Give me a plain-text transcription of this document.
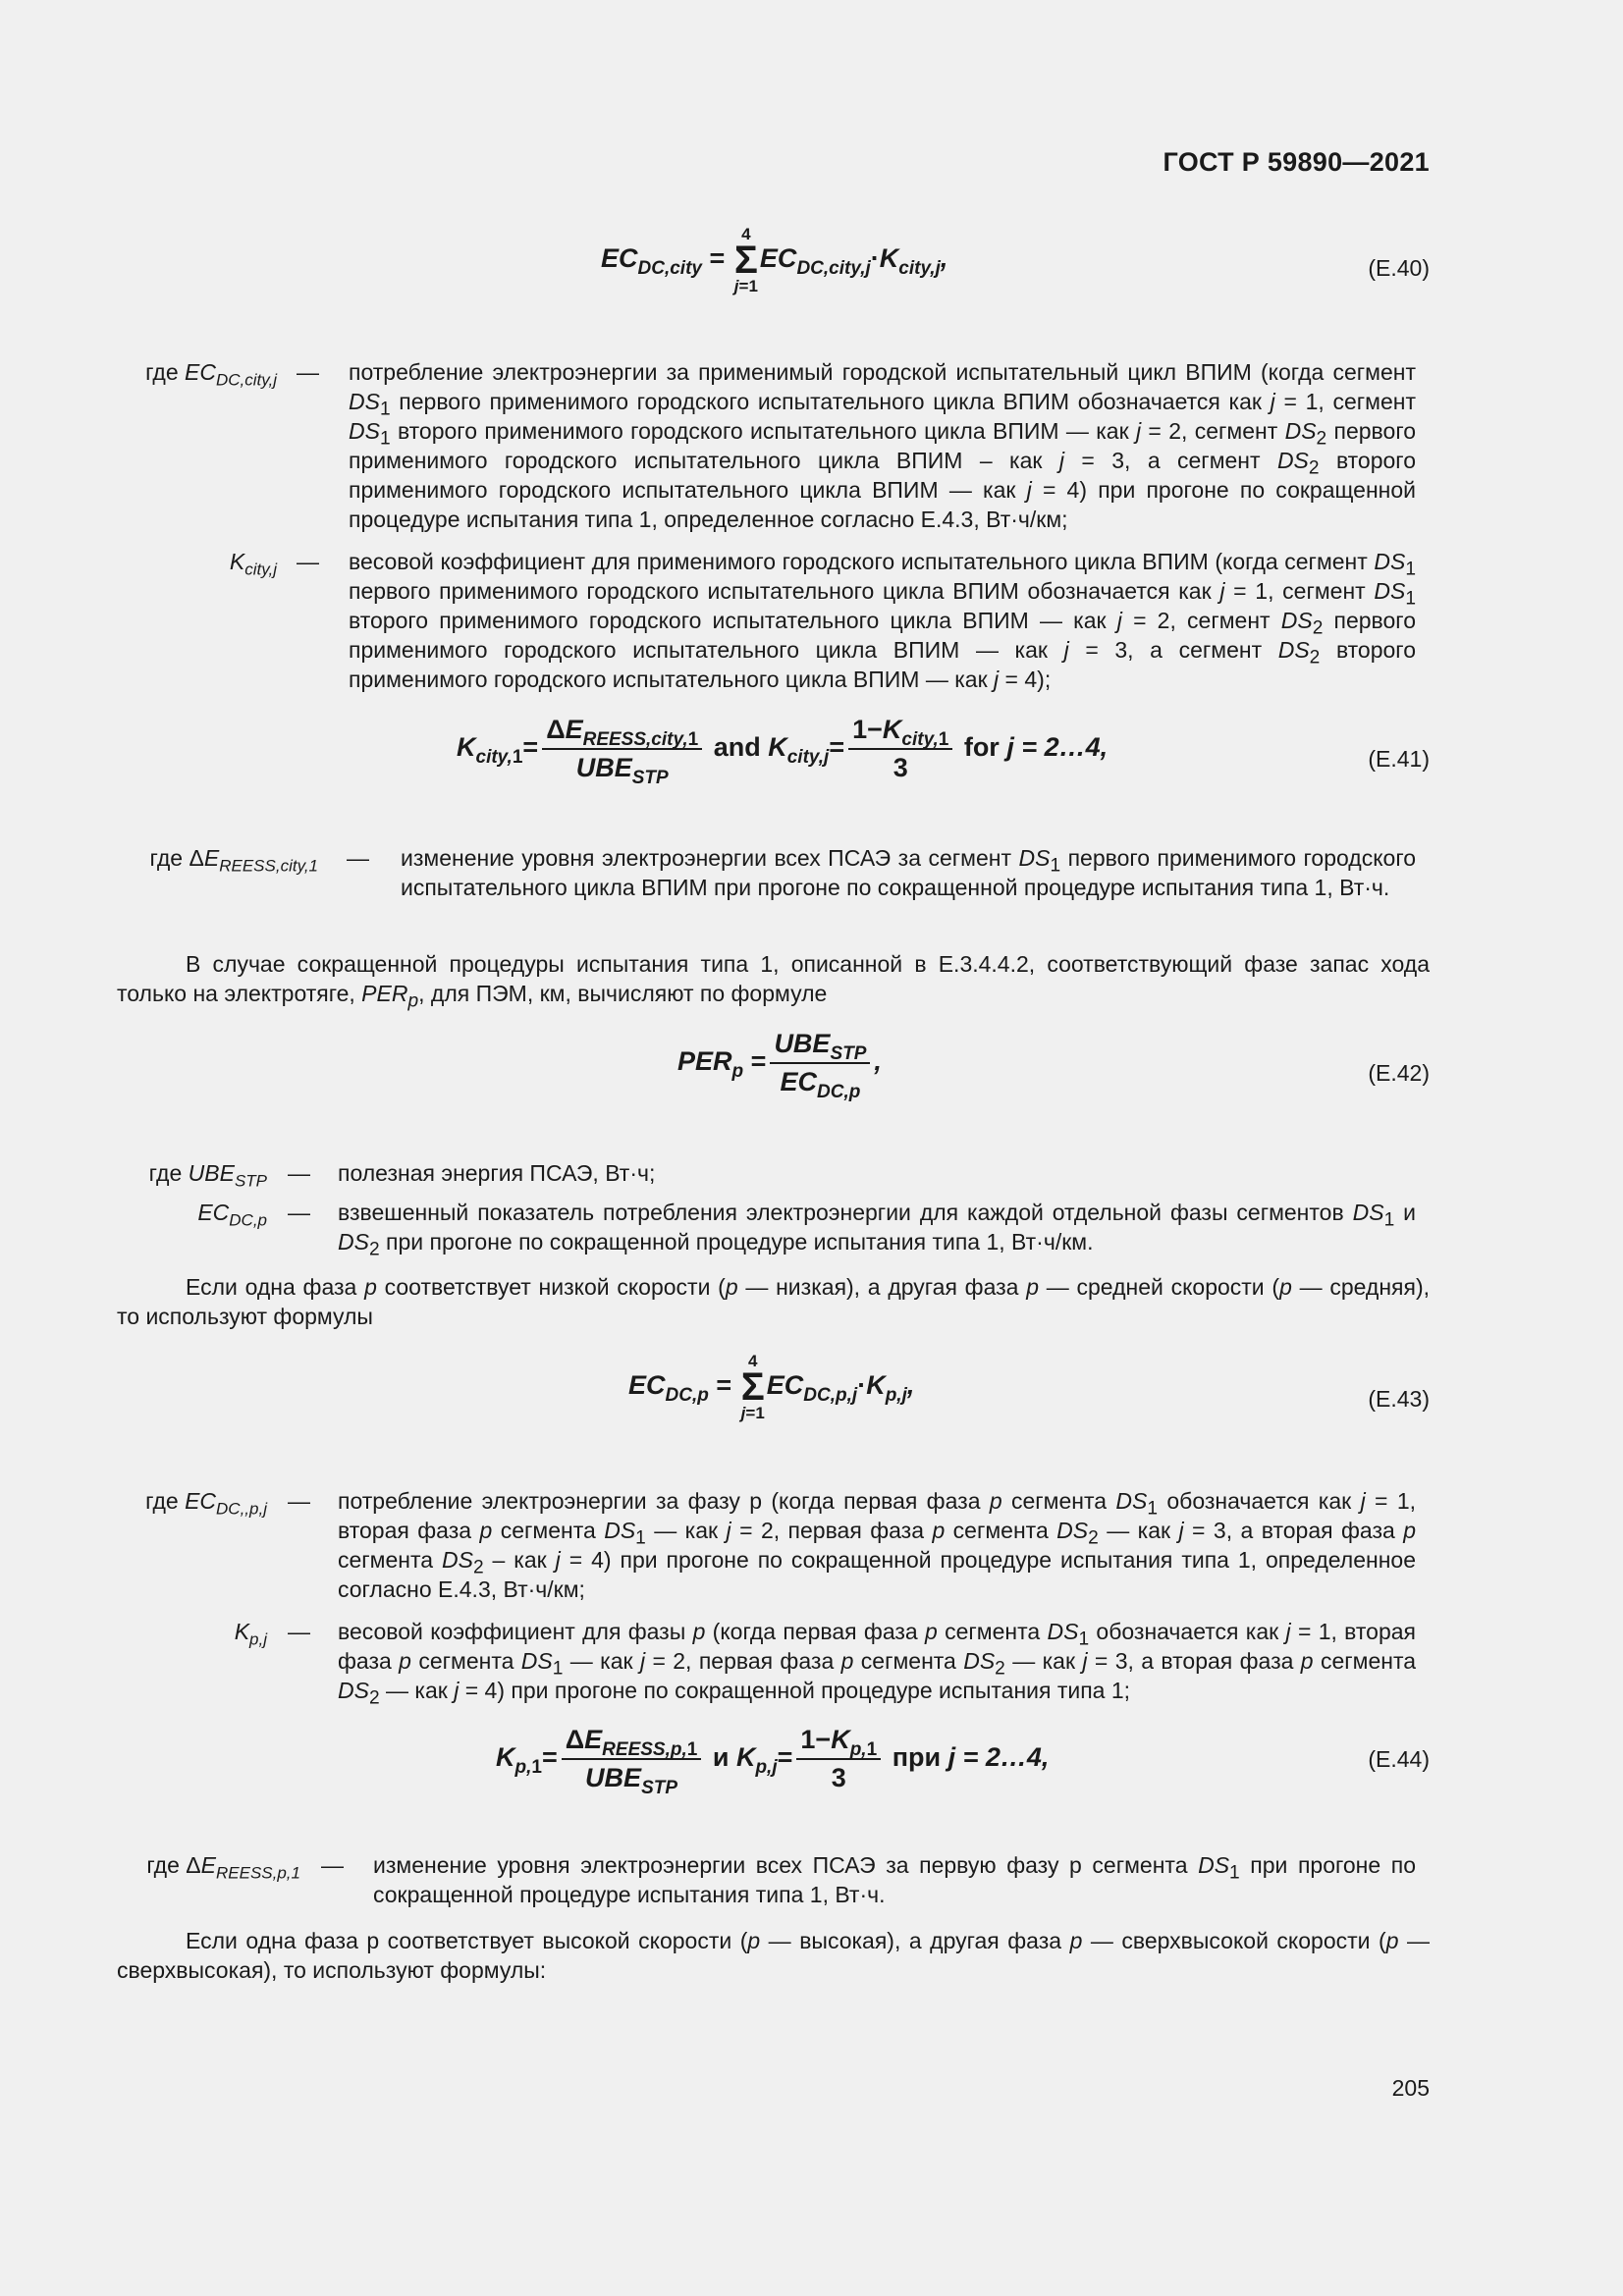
ГОСТ Р 59890—2021
$EC_{DC,city}$ =
4
Σ
j=1
$EC_{DC,city,j}\cdot K_{city,j}$,	(Е.40)
где $EC_{DC,city,j}$ — потребление электроэнергии за применимый городской испытательный цикл ВПИМ (когда сегмент $DS_1$ первого применимого городского испытательного цикла ВПИМ обозначается как j = 1, сегмент $DS_1$ второго применимого городского испытательного цикла ВПИМ — как j = 2, сегмент $DS_2$ первого применимого городского испытательного цикла ВПИМ – как j = 3, а сегмент $DS_2$ второго применимого городского испытательного цикла ВПИМ — как j = 4) при прогоне по сокращенной процедуре испытания типа 1, определенное согласно Е.4.3, Вт·ч/км;
$K_{city,j}$ — весовой коэффициент для применимого городского испытательного цикла ВПИМ (когда сегмент $DS_1$ первого применимого городского испытательного цикла ВПИМ обозначается как j = 1, сегмент $DS_1$ второго применимого городского испытательного цикла ВПИМ — как j = 2, сегмент $DS_2$ первого применимого городского испытательного цикла ВПИМ — как j = 3, а сегмент $DS_2$ второго применимого городского испытательного цикла ВПИМ — как j = 4);
$K_{city,1}= \frac{\Delta E_{REESS,city,1}}{UBE_{STP}}$ and $K_{city,j}= \frac{1-K_{city,1}}{3}$ for j = 2…4,	(Е.41)
где $\Delta E_{REESS,city,1}$ — изменение уровня электроэнергии всех ПСАЭ за сегмент $DS_1$ первого применимого городского испытательного цикла ВПИМ при прогоне по сокращенной процедуре испытания типа 1, Вт·ч.
В случае сокращенной процедуры испытания типа 1, описанной в Е.3.4.4.2, соответствующий фазе запас хода только на электротяге, $PER_p$, для ПЭМ, км, вычисляют по формуле
$PER_p = \frac{UBE_{STP}}{EC_{DC,p}}$ ,	(Е.42)
где $UBE_{STP}$ — полезная энергия ПСАЭ, Вт·ч;
$EC_{DC,p}$ — взвешенный показатель потребления электроэнергии для каждой отдельной фазы сегментов $DS_1$ и $DS_2$ при прогоне по сокращенной процедуре испытания типа 1, Вт·ч/км.
Если одна фаза р соответствует низкой скорости (р — низкая), а другая фаза р — средней скорости (р — средняя), то используют формулы
$EC_{DC,p}$ =
4
Σ
j=1
$EC_{DC,p,j}\cdot K_{p,j}$,	(Е.43)
где $EC_{DC,,p,j}$ — потребление электроэнергии за фазу р (когда первая фаза р сегмента $DS_1$ обозначается как j = 1, вторая фаза р сегмента $DS_1$ — как j = 2, первая фаза р сегмента $DS_2$ — как j = 3, а вторая фаза р сегмента $DS_2$ – как j = 4) при прогоне по сокращенной процедуре испытания типа 1, определенное согласно Е.4.3, Вт·ч/км;
$K_{p,j}$ — весовой коэффициент для фазы р (когда первая фаза р сегмента $DS_1$ обозначается как j = 1, вторая фаза р сегмента $DS_1$ — как j = 2, первая фаза р сегмента $DS_2$ — как j = 3, а вторая фаза р сегмента $DS_2$ — как j = 4) при прогоне по сокращенной процедуре испытания типа 1;
$K_{p,1}= \frac{\Delta E_{REESS,p,1}}{UBE_{STP}}$ и $K_{p,j}= \frac{1-K_{p,1}}{3}$ при j = 2…4,	(Е.44)
где $\Delta E_{REESS,p,1}$ — изменение уровня электроэнергии всех ПСАЭ за первую фазу р сегмента $DS_1$ при прогоне по сокращенной процедуре испытания типа 1, Вт·ч.
Если одна фаза р соответствует высокой скорости (р — высокая), а другая фаза р — сверхвысокой скорости (р — сверхвысокая), то используют формулы:
205
